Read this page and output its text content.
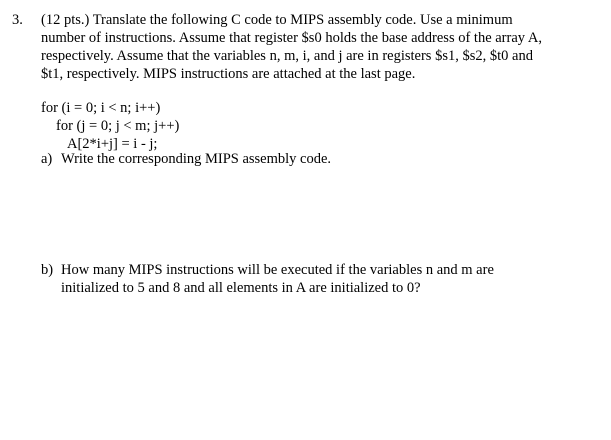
3. (12 pts.) Translate the following C code to MIPS assembly code. Use a minimum
number of instructions. Assume that register $s0 holds the base address of the array A,
respectively. Assume that the variables n, m, i, and j are in registers $s1, $s2, $t0 and
$t1, respectively. MIPS instructions are attached at the last page.
for (i = 0; i < n; i++)
for (j = 0; j < m; j++)
A[2*i+j] = i - j;
a) Write the corresponding MIPS assembly code.
b) How many MIPS instructions will be executed if the variables n and m are
initialized to 5 and 8 and all elements in A are initialized to 0?
